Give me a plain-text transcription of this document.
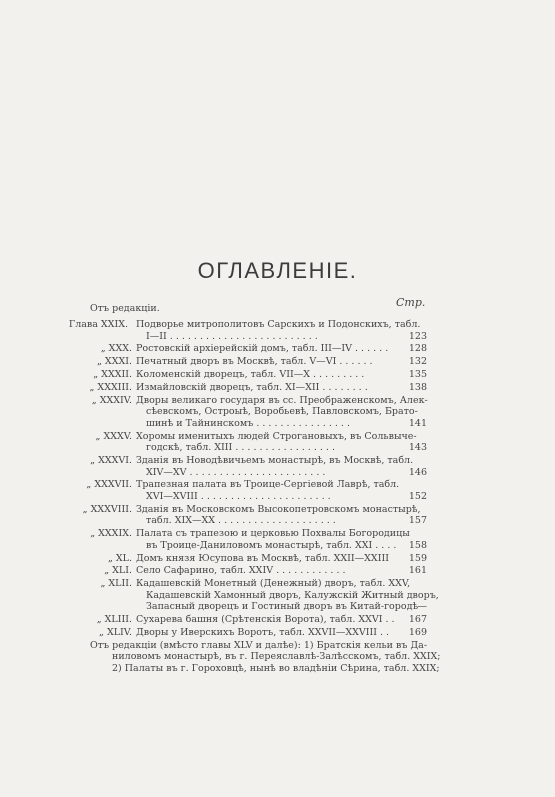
ОГЛАВЛЕНІЕ.
Отъ редакціи.	Стр.
Глава XXIX. Подворье митрополитовъ Сарскихъ и Подонскихъ, табл.
I—II . . . . . . . . . . . . . . . . . . . . . . . . .	123
„ XXX. Ростовскій архіерейскій домъ, табл. III—IV . . . . . .	128
„ XXXI. Печатный дворъ въ Москвѣ, табл. V—VI . . . . . .	132
„ XXXII. Коломенскій дворецъ, табл. VII—X . . . . . . . . .	135
„ XXXIII. Измайловскій дворецъ, табл. XI—XII . . . . . . . .	138
„ XXXIV. Дворы великаго государя въ сс. Преображенскомъ, Алек-
сѣевскомъ, Остроыѣ, Воробьевѣ, Павловскомъ, Брато-
шинѣ и Тайнинскомъ . . . . . . . . . . . . . . . .	141
„ XXXV. Хоромы именитыхъ людей Строгановыхъ, въ Сольвыче-
годскѣ, табл. XIII . . . . . . . . . . . . . . . . .	143
„ XXXVI. Зданія въ Новодѣвичьемъ монастырѣ, въ Москвѣ, табл.
XIV—XV . . . . . . . . . . . . . . . . . . . . . . .	146
„ XXXVII. Трапезная палата въ Троице-Сергіевой Лаврѣ, табл.
XVI—XVIII . . . . . . . . . . . . . . . . . . . . . .	152
„ XXXVIII. Зданія въ Московскомъ Высокопетровскомъ монастырѣ,
табл. XIX—XX . . . . . . . . . . . . . . . . . . . .	157
„ XXXIX. Палата съ трапезою и церковью Похвалы Богородицы
въ Троице-Даниловомъ монастырѣ, табл. XXI . . . .	158
„ XL. Домъ князя Юсупова въ Москвѣ, табл. XXII—XXIII	159
„ XLI. Село Сафарино, табл. XXIV . . . . . . . . . . . .	161
„ XLII. Кадашевскій Монетный (Денежный) дворъ, табл. XXV,
Кадашевскій Хамонный дворъ, Калужскій Житный дворъ,
Запасный дворецъ и Гостиный дворъ въ Китай-городѣ —
„ XLIII. Сухарева башня (Срѣтенскія Ворота), табл. XXVI . .	167
„ XLIV. Дворы у Иверскихъ Воротъ, табл. XXVII—XXVIII . .	169
Отъ редакціи (вмѣсто главы XLV и далѣе): 1) Братскія кельи въ Да-
ниловомъ монастырѣ, въ г. Переяславлѣ-Залѣсскомъ, табл. XXIX;
2) Палаты въ г. Гороховцѣ, нынѣ во владѣніи Сѣрина, табл. XXIX;
